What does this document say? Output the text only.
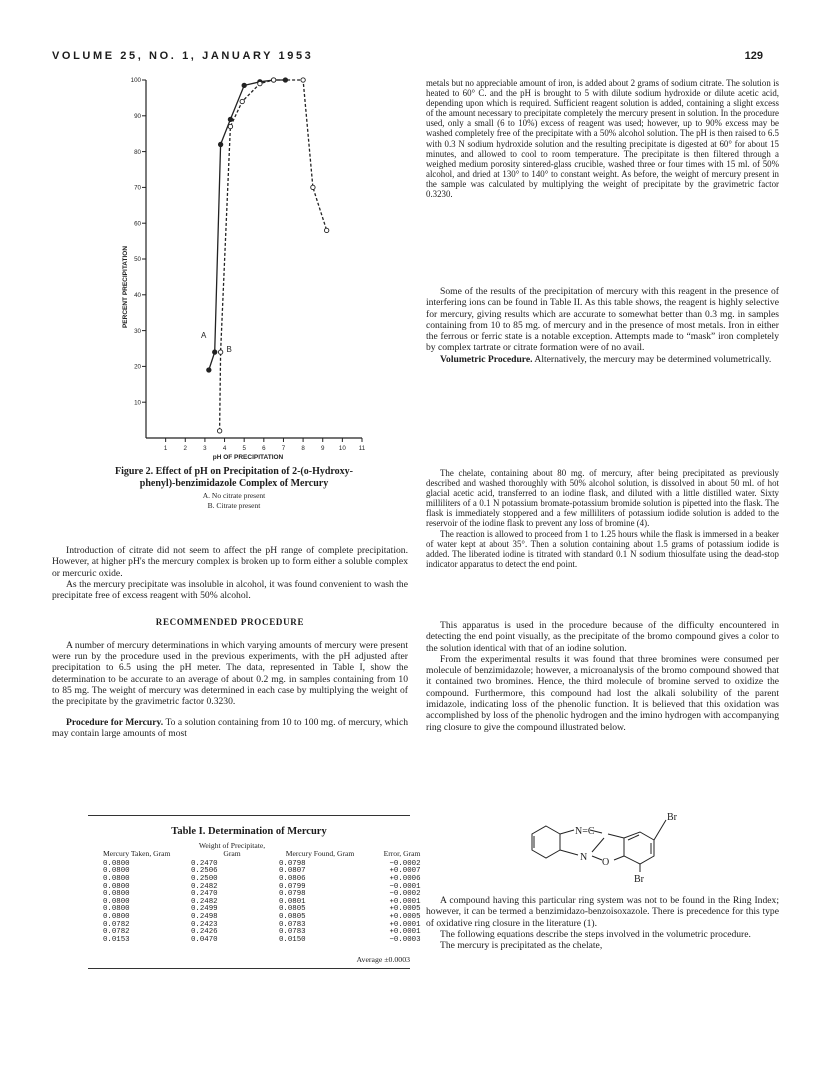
VOLUME 25, NO. 1, JANUARY 1953	129
10
20
30
40
50
60
70
80
90
100
1	2	3	4	5	6	7	8	9 10 11
A
B
PERCENT PRECIPITATION
pH OF PRECIPITATION
Figure 2. Effect of pH on Precipitation of 2-(o-Hydroxy-
phenyl)-benzimidazole Complex of Mercury
A. No citrate present
B. Citrate present

Introduction of citrate did not seem to affect the pH range of complete precipitation. However, at higher pH's the mercury complex is broken up to form either a soluble complex or mercuric oxide.

As the mercury precipitate was insoluble in alcohol, it was found convenient to wash the precipitate free of excess reagent with 50% alcohol.

RECOMMENDED PROCEDURE

A number of mercury determinations in which varying amounts of mercury were present were run by the procedure used in the previous experiments, with the pH adjusted after precipitation to 6.5 using the pH meter. The data, represented in Table I, show the determination to be accurate to an average of about 0.2 mg. in samples containing from 10 to 85 mg. The weight of mercury was determined in each case by multiplying the weight of the precipitate by the gravimetric factor 0.3230.

Procedure for Mercury. To a solution containing from 10 to 100 mg. of mercury, which may contain large amounts of most

Table I. Determination of Mercury
Mercury Taken, Gram	Weight of Precipitate, Gram	Mercury Found, Gram	Error, Gram
0.0800	0.2470	0.0798	−0.0002
0.0800	0.2506	0.0807	+0.0007
0.0800	0.2500	0.0806	+0.0006
0.0800	0.2482	0.0799	−0.0001
0.0800	0.2470	0.0798	−0.0002
0.0800	0.2482	0.0801	+0.0001
0.0800	0.2499	0.0805	+0.0005
0.0800	0.2498	0.0805	+0.0005
0.0782	0.2423	0.0783	+0.0001
0.0782	0.2426	0.0783	+0.0001
0.0153	0.0470	0.0150	−0.0003
Average ±0.0003

metals but no appreciable amount of iron, is added about 2 grams of sodium citrate. The solution is heated to 60° C. and the pH is brought to 5 with dilute sodium hydroxide or dilute acetic acid, depending upon which is required. Sufficient reagent solution is added, containing a slight excess of the amount necessary to precipitate completely the mercury present in solution. In the procedure used, only a small (6 to 10%) excess of reagent was used; however, up to 90% excess may be washed completely free of the precipitate with a 50% alcohol solution. The pH is then raised to 6.5 with 0.3 N sodium hydroxide solution and the resulting precipitate is digested at 60° for about 15 minutes, and allowed to cool to room temperature. The precipitate is then filtered through a weighed medium porosity sintered-glass crucible, washed three or four times with 15 ml. of 50% alcohol, and dried at 130° to 140° to constant weight. As before, the weight of mercury present in the sample was calculated by multiplying the weight of precipitate by the gravimetric factor 0.3230.

Some of the results of the precipitation of mercury with this reagent in the presence of interfering ions can be found in Table II. As this table shows, the reagent is highly selective for mercury, giving results which are accurate to somewhat better than 0.3 mg. in samples containing from 10 to 85 mg. of mercury and in the presence of most metals. Iron in either the ferrous or ferric state is a notable exception. Attempts made to “mask” iron completely by complex tartrate or citrate formation were of no avail.

Volumetric Procedure. Alternatively, the mercury may be determined volumetrically.

The chelate, containing about 80 mg. of mercury, after being precipitated as previously described and washed thoroughly with 50% alcohol solution, is dissolved in about 50 ml. of hot glacial acetic acid, transferred to an iodine flask, and diluted with a little distilled water. Sixty milliliters of a 0.1 N potassium bromate-potassium bromide solution is pipetted into the flask. The flask is immediately stoppered and a few milliliters of potassium iodide solution is added to the reservoir of the iodine flask to prevent any loss of bromine (4).

The reaction is allowed to proceed from 1 to 1.25 hours while the flask is immersed in a beaker of water kept at about 35°. Then a solution containing about 1.5 grams of potassium iodide is added. The liberated iodine is titrated with standard 0.1 N sodium thiosulfate using the dead-stop indicator apparatus to detect the end point.

This apparatus is used in the procedure because of the difficulty encountered in detecting the end point visually, as the precipitate of the bromo compound gives a color to the solution identical with that of an iodine solution.

From the experimental results it was found that three bromines were consumed per molecule of benzimidazole; however, a microanalysis of the bromo compound showed that it contained two bromines. Hence, the third molecule of bromine served to oxidize the compound. Furthermore, this compound had lost the alkali solubility of the parent imidazole, indicating loss of the phenolic function. It is believed that this oxidation was accomplished by loss of the phenolic hydrogen and the imino hydrogen with accompanying ring closure to give the compound illustrated below.

N=C
N O
Br
Br

A compound having this particular ring system was not to be found in the Ring Index; however, it can be termed a benzimidazo-benzoisoxazole. There is precedence for this type of oxidative ring closure in the literature (1).

The following equations describe the steps involved in the volumetric procedure.

The mercury is precipitated as the chelate,
